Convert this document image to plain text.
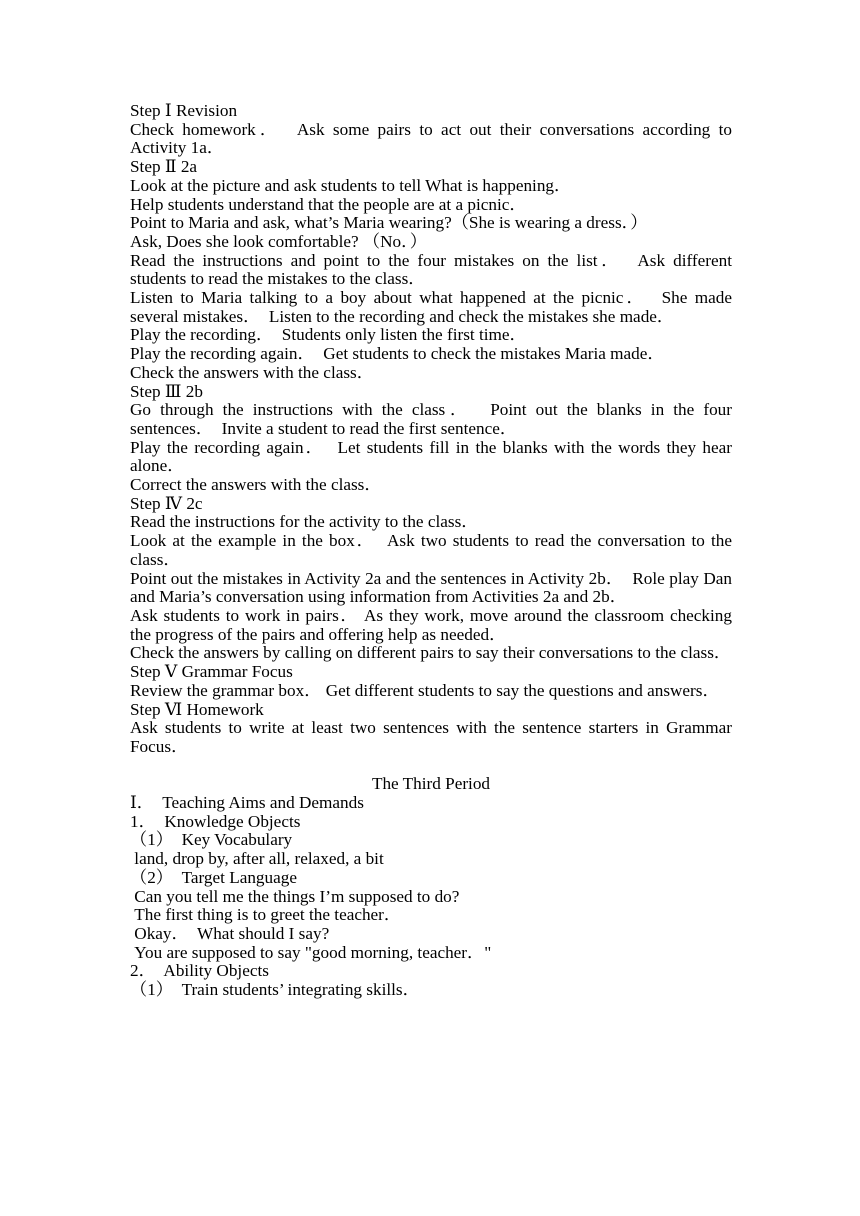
Step Ⅰ Revision

Check homework．  Ask some pairs to act out their conversations according to Activity 1a．

Step Ⅱ 2a

Look at the picture and ask students to tell What is happening．

Help students understand that the people are at a picnic．

Point to Maria and ask, what’s Maria wearing?（She is wearing a dress．）

Ask, Does she look comfortable? （No．）

Read the instructions and point to the four mistakes on the list．  Ask different students to read the mistakes to the class．

Listen to Maria talking to a boy about what happened at the picnic．  She made several mistakes．  Listen to the recording and check the mistakes she made．

Play the recording．  Students only listen the first time．

Play the recording again．  Get students to check the mistakes Maria made．

Check the answers with the class．

Step Ⅲ 2b

Go through the instructions with the class．  Point out the blanks in the four sentences．  Invite a student to read the first sentence．

Play the recording again．  Let students fill in the blanks with the words they hear alone．

Correct the answers with the class．

Step Ⅳ 2c

Read the instructions for the activity to the class．

Look at the example in the box．  Ask two students to read the conversation to the class．

Point out the mistakes in Activity 2a and the sentences in Activity 2b．  Role play Dan and Maria’s conversation using information from Activities 2a and 2b．

Ask students to work in pairs． As they work, move around the classroom checking the progress of the pairs and offering help as needed．

Check the answers by calling on different pairs to say their conversations to the class．

Step Ⅴ Grammar Focus

Review the grammar box． Get different students to say the questions and answers．

Step Ⅵ Homework

Ask students to write at least two sentences with the sentence starters in Grammar Focus．

The Third Period

Ⅰ．  Teaching Aims and Demands

1．  Knowledge Objects

（1）  Key Vocabulary

land, drop by, after all, relaxed, a bit

（2）  Target Language

Can you tell me the things I’m supposed to do?

The first thing is to greet the teacher．

Okay．  What should I say?

You are supposed to say "good morning, teacher．"

2．  Ability Objects

（1）  Train students’ integrating skills．
